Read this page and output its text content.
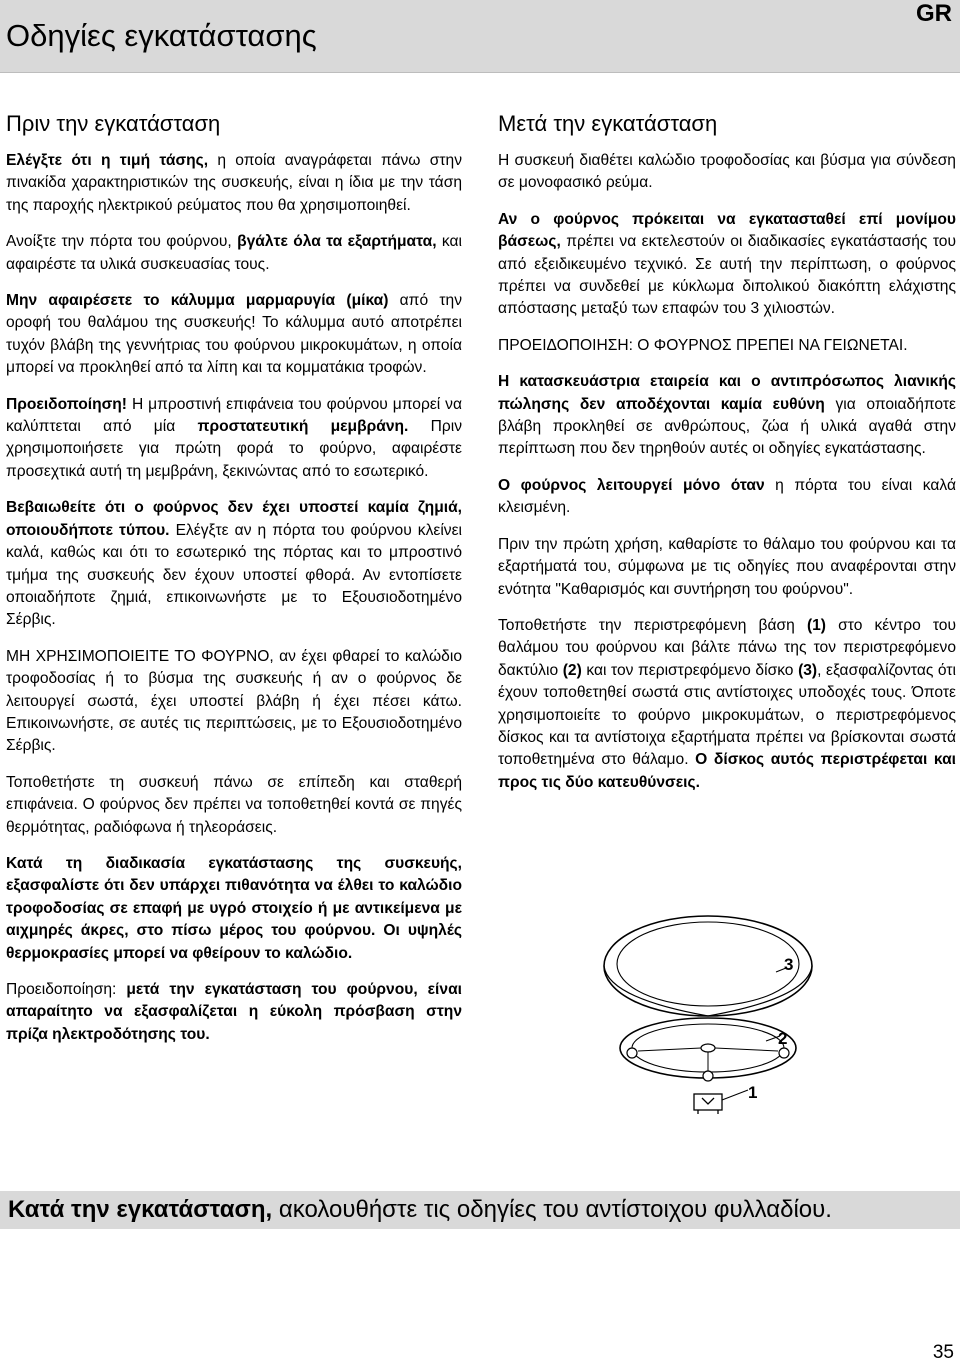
Οδηγίες εγκατάστασης
GR
Πριν την εγκατάσταση

Ελέγξτε ότι η τιμή τάσης, η οποία αναγράφεται πάνω στην πινακίδα χαρακτηριστικών της συσκευής, είναι η ίδια με την τάση της παροχής ηλεκτρικού ρεύματος που θα χρησιμοποιηθεί.

Ανοίξτε την πόρτα του φούρνου, βγάλτε όλα τα εξαρτήματα, και αφαιρέστε τα υλικά συσκευασίας τους.

Μην αφαιρέσετε το κάλυμμα μαρμαρυγία (μίκα) από την οροφή του θαλάμου της συσκευής! Το κάλυμμα αυτό αποτρέπει τυχόν βλάβη της γεννήτριας του φούρνου μικροκυμάτων, η οποία μπορεί να προκληθεί από τα λίπη και τα κομματάκια τροφών.

Προειδοποίηση! Η μπροστινή επιφάνεια του φούρνου μπορεί να καλύπτεται από μία προστατευτική μεμβράνη. Πριν χρησιμοποιήσετε για πρώτη φορά το φούρνο, αφαιρέστε προσεχτικά αυτή τη μεμβράνη, ξεκινώντας από το εσωτερικό.

Βεβαιωθείτε ότι ο φούρνος δεν έχει υποστεί καμία ζημιά, οποιουδήποτε τύπου. Ελέγξτε αν η πόρτα του φούρνου κλείνει καλά, καθώς και ότι το εσωτερικό της πόρτας και το μπροστινό τμήμα της συσκευής δεν έχουν υποστεί φθορά. Αν εντοπίσετε οποιαδήποτε ζημιά, επικοινωνήστε με το Εξουσιοδοτημένο Σέρβις.

ΜΗ ΧΡΗΣΙΜΟΠΟΙΕΙΤΕ ΤΟ ΦΟΥΡΝΟ, αν έχει φθαρεί το καλώδιο τροφοδοσίας ή το βύσμα της συσκευής ή αν ο φούρνος δε λειτουργεί σωστά, έχει υποστεί βλάβη ή έχει πέσει κάτω. Επικοινωνήστε, σε αυτές τις περιπτώσεις, με το Εξουσιοδοτημένο Σέρβις.

Τοποθετήστε τη συσκευή πάνω σε επίπεδη και σταθερή επιφάνεια. Ο φούρνος δεν πρέπει να τοποθετηθεί κοντά σε πηγές θερμότητας, ραδιόφωνα ή τηλεοράσεις.

Κατά τη διαδικασία εγκατάστασης της συσκευής, εξασφαλίστε ότι δεν υπάρχει πιθανότητα να έλθει το καλώδιο τροφοδοσίας σε επαφή με υγρό στοιχείο ή με αντικείμενα με αιχμηρές άκρες, στο πίσω μέρος του φούρνου. Οι υψηλές θερμοκρασίες μπορεί να φθείρουν το καλώδιο.

Προειδοποίηση: μετά την εγκατάσταση του φούρνου, είναι απαραίτητο να εξασφαλίζεται η εύκολη πρόσβαση στην πρίζα ηλεκτροδότησης του.

Μετά την εγκατάσταση

Η συσκευή διαθέτει καλώδιο τροφοδοσίας και βύσμα για σύνδεση σε μονοφασικό ρεύμα.

Αν ο φούρνος πρόκειται να εγκατασταθεί επί μονίμου βάσεως, πρέπει να εκτελεστούν οι διαδικασίες εγκατάστασής του από εξειδικευμένο τεχνικό. Σε αυτή την περίπτωση, ο φούρνος πρέπει να συνδεθεί με κύκλωμα διπολικού διακόπτη ελάχιστης απόστασης μεταξύ των επαφών του 3 χιλιοστών.

ΠΡΟΕΙΔΟΠΟΙΗΣΗ: Ο ΦΟΥΡΝΟΣ ΠΡΕΠΕΙ ΝΑ ΓΕΙΩΝΕΤΑΙ.

Η κατασκευάστρια εταιρεία και ο αντιπρόσωπος λιανικής πώλησης δεν αποδέχονται καμία ευθύνη για οποιαδήποτε βλάβη προκληθεί σε ανθρώπους, ζώα ή υλικά αγαθά στην περίπτωση που δεν τηρηθούν αυτές οι οδηγίες εγκατάστασης.

Ο φούρνος λειτουργεί μόνο όταν η πόρτα του είναι καλά κλεισμένη.

Πριν την πρώτη χρήση, καθαρίστε το θάλαμο του φούρνου και τα εξαρτήματά του, σύμφωνα με τις οδηγίες που αναφέρονται στην ενότητα "Καθαρισμός και συντήρηση του φούρνου".

Τοποθετήστε την περιστρεφόμενη βάση (1) στο κέντρο του θαλάμου του φούρνου και βάλτε πάνω της τον περιστρεφόμενο δακτύλιο (2) και τον περιστρεφόμενο δίσκο (3), εξασφαλίζοντας ότι έχουν τοποθετηθεί σωστά στις αντίστοιχες υποδοχές τους. Όποτε χρησιμοποιείτε το φούρνο μικροκυμάτων, ο περιστρεφόμενος δίσκος και τα αντίστοιχα εξαρτήματα πρέπει να βρίσκονται σωστά τοποθετημένα στο θάλαμο. Ο δίσκος αυτός περιστρέφεται και προς τις δύο κατευθύνσεις.

3
2
1
Κατά την εγκατάσταση, ακολουθήστε τις οδηγίες του αντίστοιχου φυλλαδίου.
35
